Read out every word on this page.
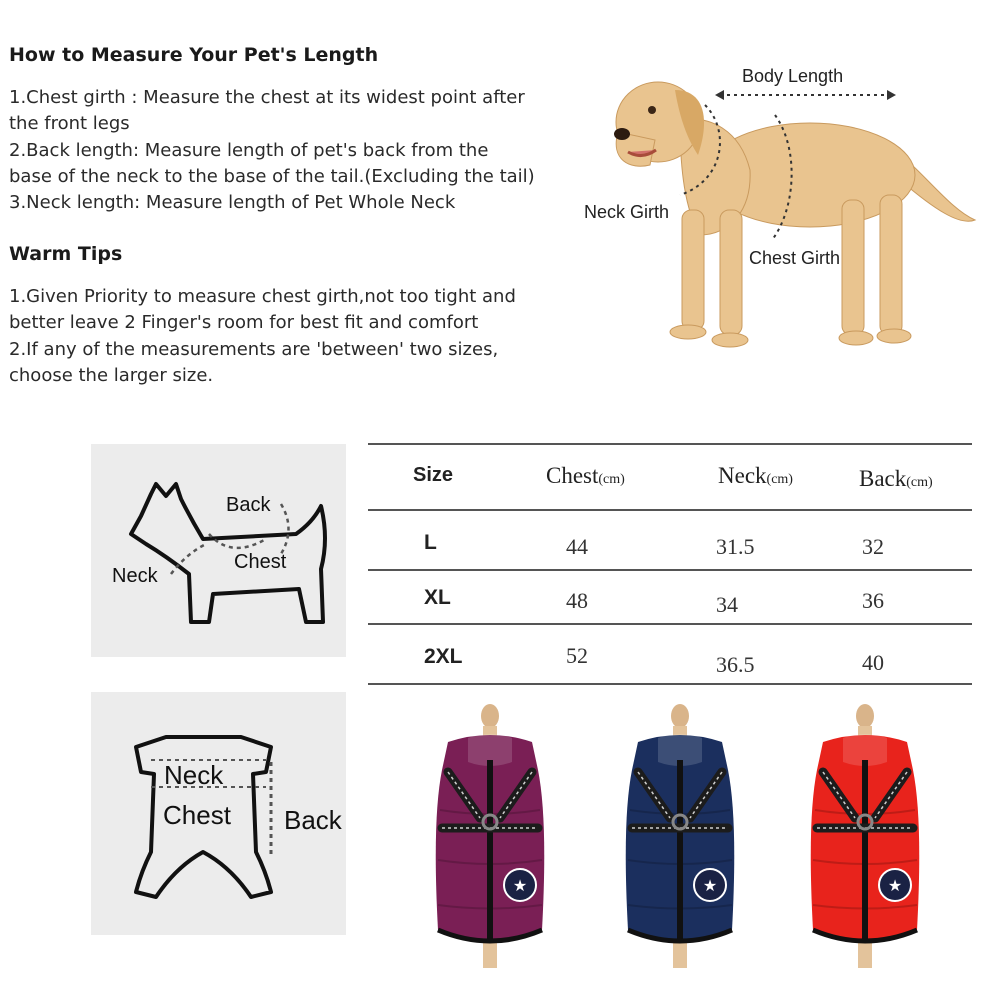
How to Measure Your Pet's Length
1.Chest girth : Measure the chest at its widest point after
the front legs
2.Back length: Measure length of pet's back from the
base of the neck to the base of the tail.(Excluding the tail)
3.Neck length: Measure length of Pet Whole Neck
Warm Tips
1.Given Priority to measure chest girth,not too tight and
better leave 2 Finger's room for best fit and comfort
2.If any of the measurements are 'between' two sizes,
choose the larger size.
Body Length
Neck Girth
Chest Girth
Back
Chest
Neck
Neck
Chest Back
Size	Chest(cm)	Neck(cm)	Back(cm)
L	44	31.5	32
XL	48	34	36
2XL	52	36.5	40
